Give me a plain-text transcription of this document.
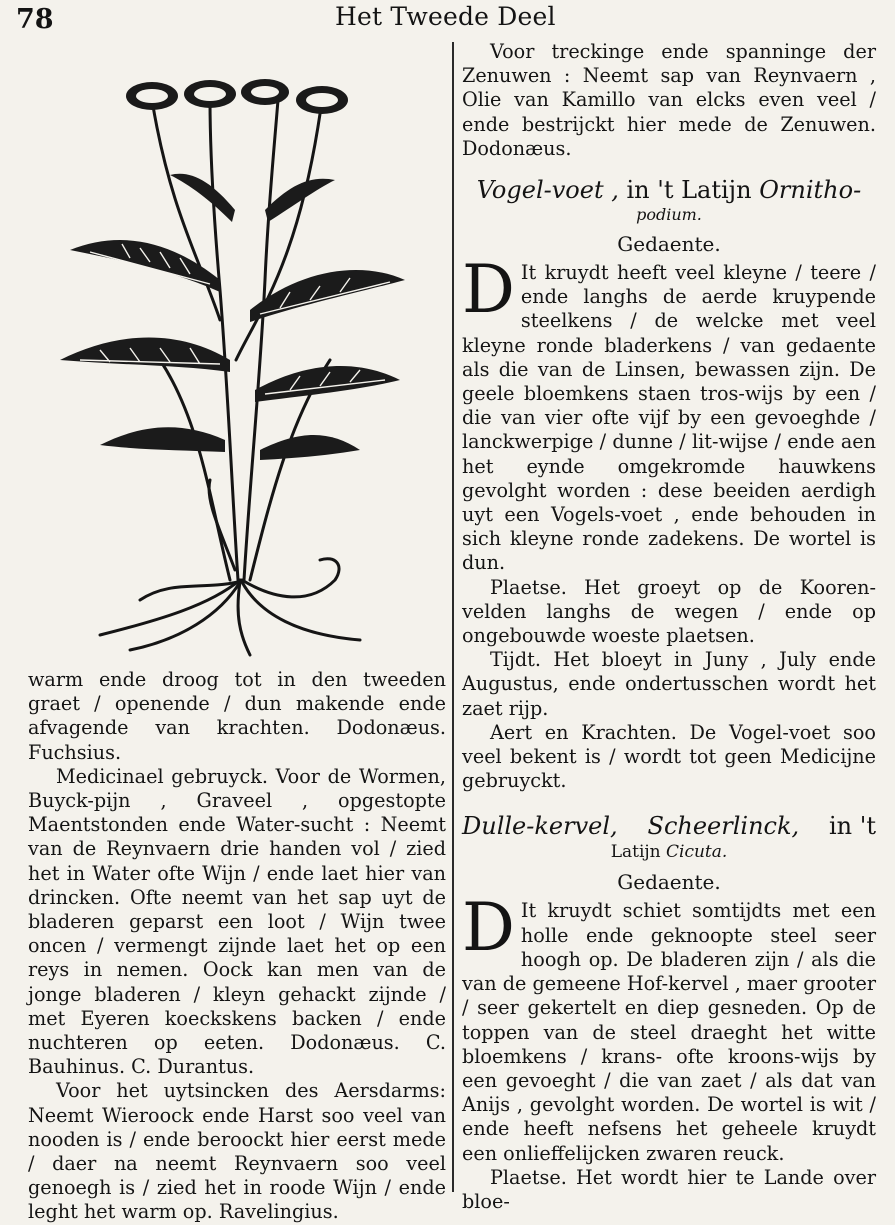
78	Het Tweede Deel

warm ende droog tot in den tweeden graet / openende / dun makende ende afvagende van krachten. Dodonæus. Fuchsius.

Medicinael gebruyck. Voor de Wormen, Buyck-pijn , Graveel , opgestopte Maentstonden ende Water-sucht : Neemt van de Reynvaern drie handen vol / zied het in Water ofte Wijn / ende laet hier van drincken. Ofte neemt van het sap uyt de bladeren geparst een loot / Wijn twee oncen / vermengt zijnde laet het op een reys in nemen. Oock kan men van de jonge bladeren / kleyn gehackt zijnde / met Eyeren koeckskens backen / ende nuchteren op eeten. Dodonæus. C. Bauhinus. C. Durantus.

Voor het uytsincken des Aersdarms: Neemt Wieroock ende Harst soo veel van nooden is / ende beroockt hier eerst mede / daer na neemt Reynvaern soo veel genoegh is / zied het in roode Wijn / ende leght het warm op. Ravelingius.

Voor treckinge ende spanninge der Zenuwen : Neemt sap van Reynvaern , Olie van Kamillo van elcks even veel / ende bestrijckt hier mede de Zenuwen. Dodonæus.

Vogel-voet , in 't Latijn Ornitho-
podium.
Gedaente.

D It kruydt heeft veel kleyne / teere / ende langhs de aerde kruypende steelkens / de welcke met veel kleyne ronde bladerkens / van gedaente als die van de Linsen, bewassen zijn. De geele bloemkens staen tros-wijs by een / die van vier ofte vijf by een gevoeghde / lanckwerpige / dunne / lit-wijse / ende aen het eynde omgekromde hauwkens gevolght worden : dese beeiden aerdigh uyt een Vogels-voet , ende behouden in sich kleyne ronde zadekens. De wortel is dun.

Plaetse. Het groeyt op de Kooren-velden langhs de wegen / ende op ongebouwde woeste plaetsen.

Tijdt. Het bloeyt in Juny , July ende Augustus, ende ondertusschen wordt het zaet rijp.

Aert en Krachten. De Vogel-voet soo veel bekent is / wordt tot geen Medicijne gebruyckt.

Dulle-kervel, Scheerlinck, in 't
Latijn Cicuta.
Gedaente.

D It kruydt schiet somtijdts met een holle ende geknoopte steel seer hoogh op. De bladeren zijn / als die van de gemeene Hof-kervel , maer grooter / seer gekertelt en diep gesneden. Op de toppen van de steel draeght het witte bloemkens / krans- ofte kroons-wijs by een gevoeght / die van zaet / als dat van Anijs , gevolght worden. De wortel is wit / ende heeft nefsens het geheele kruydt een onlieffelijcken zwaren reuck.

Plaetse. Het wordt hier te Lande over bloe-
